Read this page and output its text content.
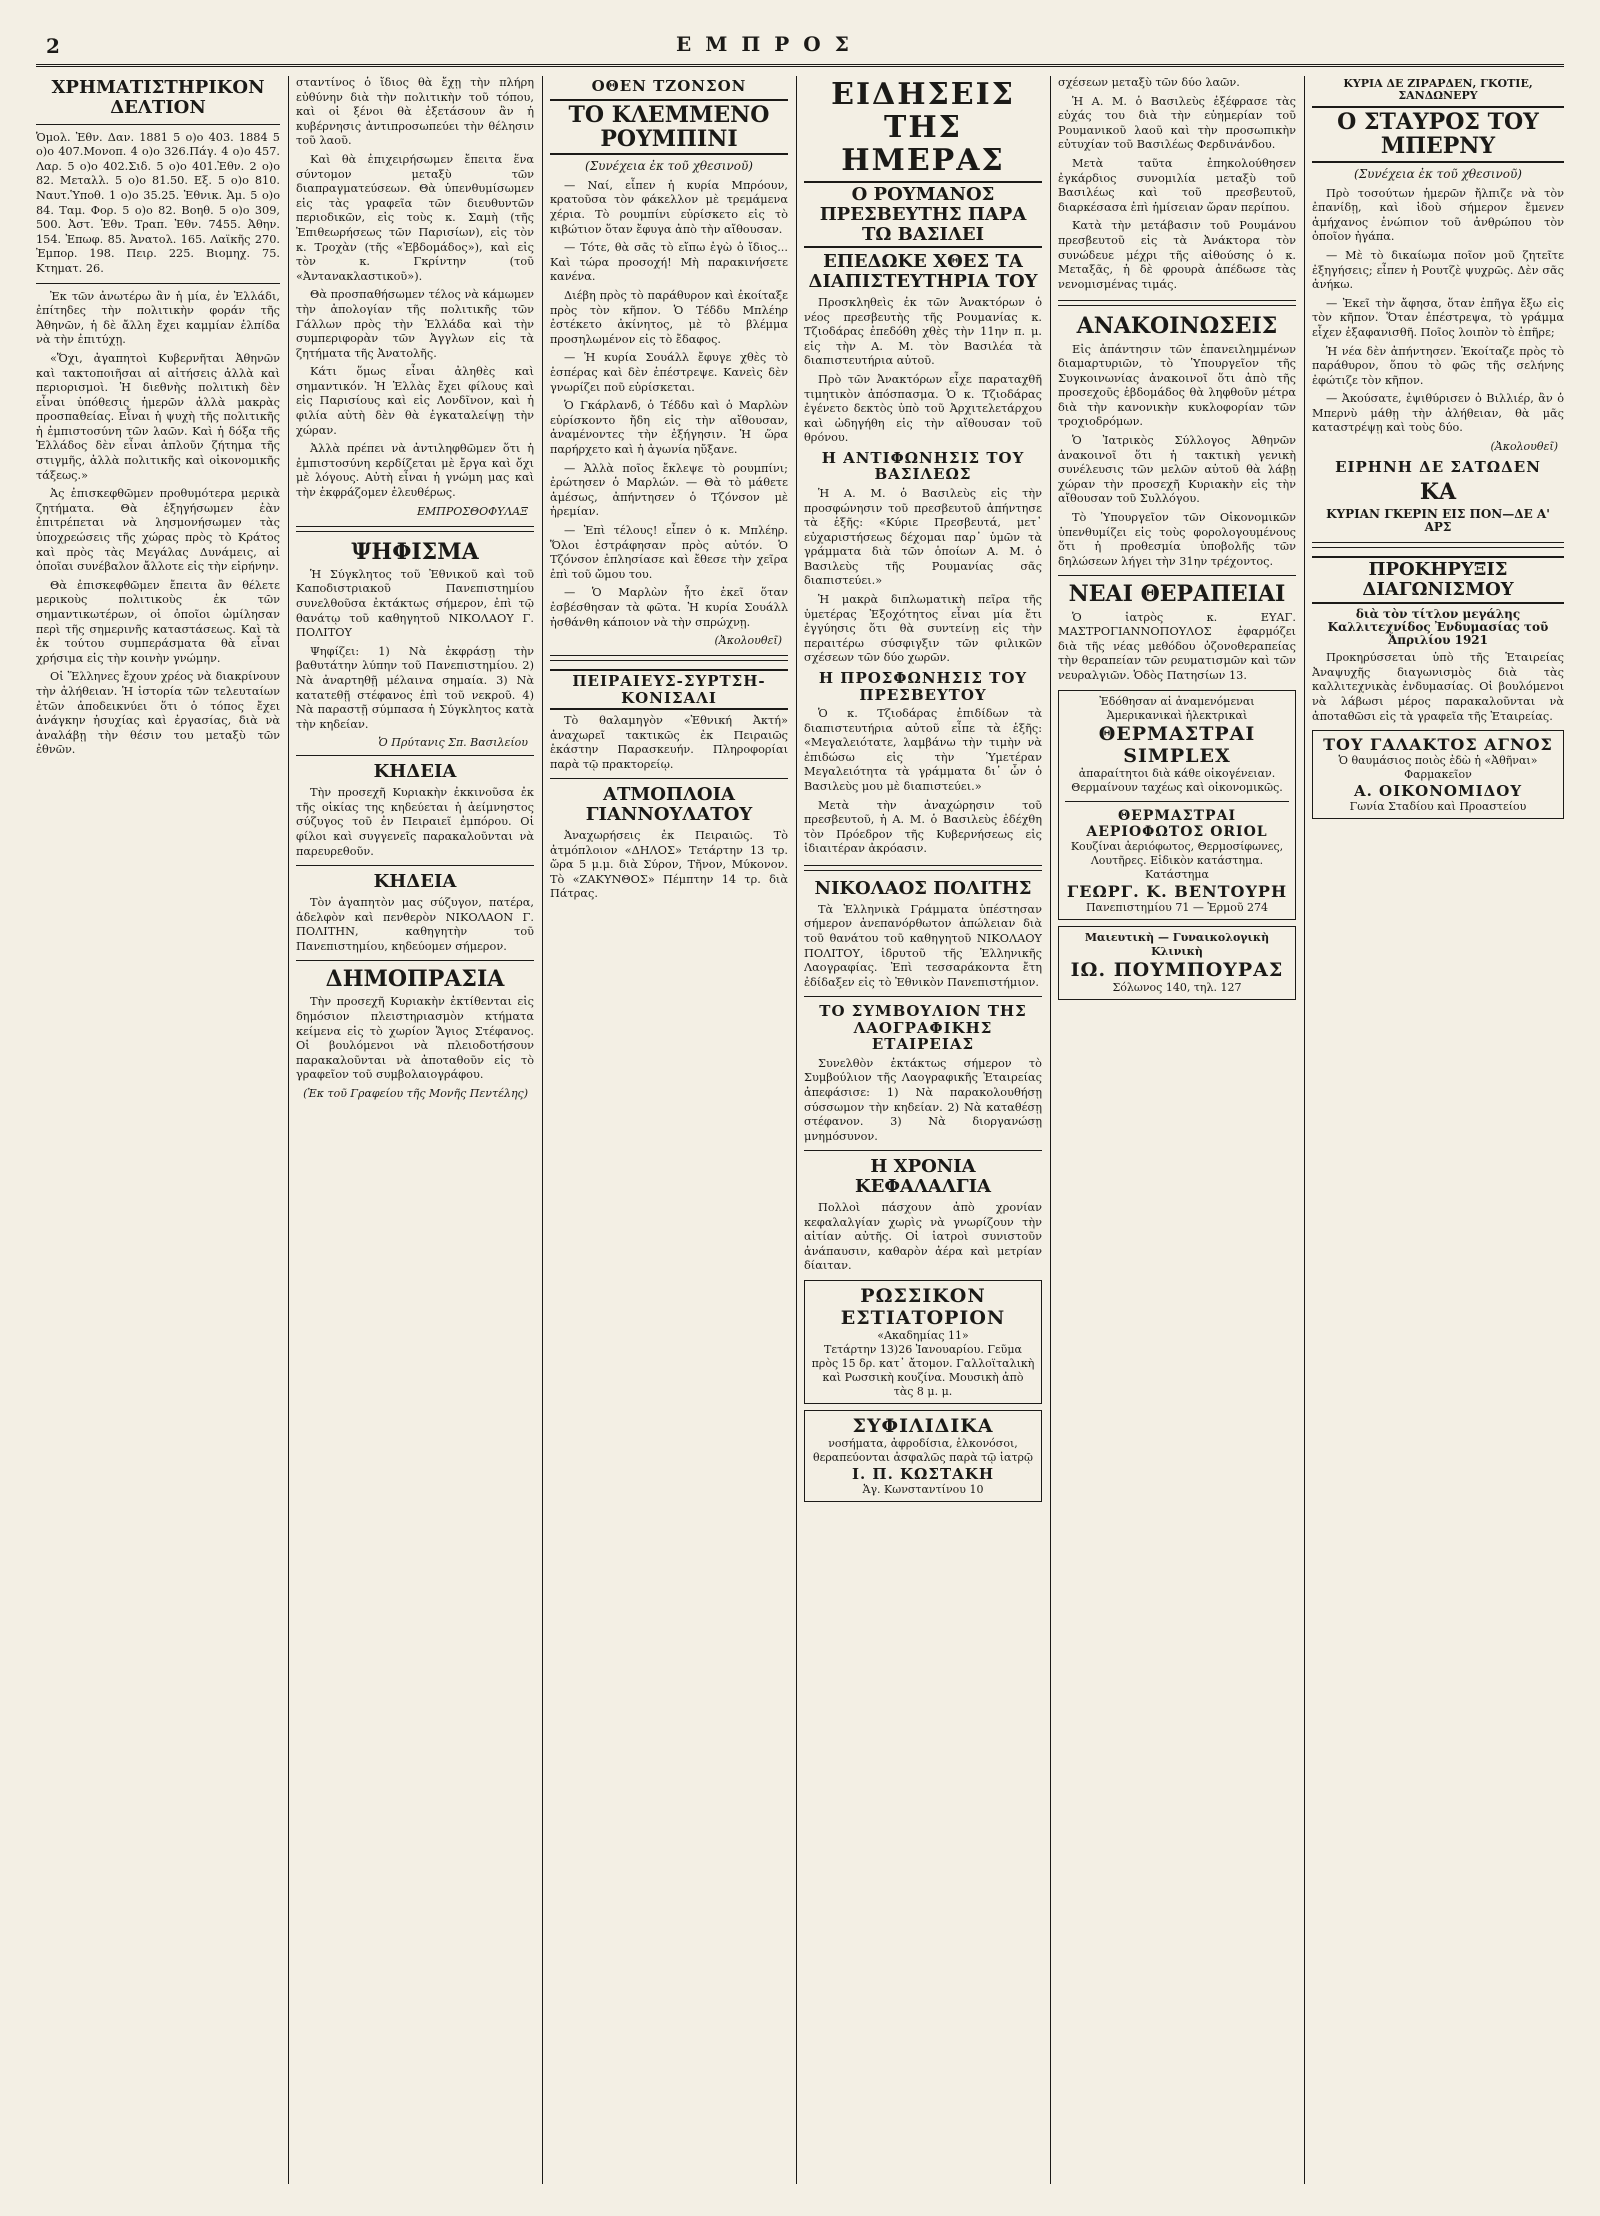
2	ΕΜΠΡΟΣ
ΧΡΗΜΑΤΙΣΤΗΡΙΚΟΝ ΔΕΛΤΙΟΝ

Ὁμολ. Ἐθν. Δαν. 1881 5 ο)ο 403. 1884 5 ο)ο 407.Μονοπ. 4 ο)ο 326.Πάγ. 4 ο)ο 457. Λαρ. 5 ο)ο 402.Σιδ. 5 ο)ο 401.Ἐθν. 2 ο)ο 82. Μεταλλ. 5 ο)ο 81.50. Εξ. 5 ο)ο 810. Ναυτ.Ὑποθ. 1 ο)ο 35.25. Ἐθνικ. Ἀμ. 5 ο)ο 84. Ταμ. Φορ. 5 ο)ο 82. Βοηθ. 5 ο)ο 309, 500. Ἀστ. Ἐθν. Τραπ. Ἐθν. 7455. Ἀθην. 154. Ἐπωφ. 85. Ἀνατολ. 165. Λαϊκῆς 270. Ἐμπορ. 198. Πειρ. 225. Βιομηχ. 75. Κτηματ. 26.

Ἐκ τῶν ἀνωτέρω ἂν ἡ μία, ἐν Ἑλλάδι, ἐπίτηδες τὴν πολιτικὴν φοράν τῆς Ἀθηνῶν, ἡ δὲ ἄλλη ἔχει καμμίαν ἐλπίδα νὰ τὴν ἐπιτύχῃ.

«Ὅχι, ἀγαπητοὶ Κυβερνῆται Ἀθηνῶν καὶ τακτοποιῆσαι αἱ αἰτήσεις ἀλλὰ καὶ περιορισμοὶ. Ἡ διεθνὴς πολιτικὴ δὲν εἶναι ὑπόθεσις ἡμερῶν ἀλλὰ μακρὰς προσπαθείας. Εἶναι ἡ ψυχὴ τῆς πολιτικῆς ἡ ἐμπιστοσύνη τῶν λαῶν. Καὶ ἡ δόξα τῆς Ἑλλάδος δὲν εἶναι ἁπλοῦν ζήτημα τῆς στιγμῆς, ἀλλὰ πολιτικῆς καὶ οἰκονομικῆς τάξεως.»

Ἀς ἐπισκεφθῶμεν προθυμότερα μερικὰ ζητήματα. Θὰ ἐξηγήσωμεν ἐὰν ἐπιτρέπεται νὰ λησμονήσωμεν τὰς ὑποχρεώσεις τῆς χώρας πρὸς τὸ Κράτος καὶ πρὸς τὰς Μεγάλας Δυνάμεις, αἱ ὁποῖαι συνέβαλον ἄλλοτε εἰς τὴν εἰρήνην.

Θὰ ἐπισκεφθῶμεν ἔπειτα ἂν θέλετε μερικοὺς πολιτικοὺς ἐκ τῶν σημαντικωτέρων, οἱ ὁποῖοι ὡμίλησαν περὶ τῆς σημερινῆς καταστάσεως. Καὶ τὰ ἐκ τούτου συμπεράσματα θὰ εἶναι χρήσιμα εἰς τὴν κοινὴν γνώμην.

Οἱ Ἕλληνες ἔχουν χρέος νὰ διακρίνουν τὴν ἀλήθειαν. Ἡ ἱστορία τῶν τελευταίων ἐτῶν ἀποδεικνύει ὅτι ὁ τόπος ἔχει ἀνάγκην ἡσυχίας καὶ ἐργασίας, διὰ νὰ ἀναλάβῃ τὴν θέσιν του μεταξὺ τῶν ἐθνῶν.

σταντίνος ὁ ἴδιος θὰ ἔχῃ τὴν πλήρη εὐθύνην διὰ τὴν πολιτικὴν τοῦ τόπου, καὶ οἱ ξένοι θὰ ἐξετάσουν ἂν ἡ κυβέρνησις ἀντιπροσωπεύει τὴν θέλησιν τοῦ λαοῦ.

Καὶ θὰ ἐπιχειρήσωμεν ἔπειτα ἕνα σύντομον μεταξὺ τῶν διαπραγματεύσεων. Θὰ ὑπενθυμίσωμεν εἰς τὰς γραφεῖα τῶν διευθυντῶν περιοδικῶν, εἰς τοὺς κ. Σαμὴ (τῆς Ἐπιθεωρήσεως τῶν Παρισίων), εἰς τὸν κ. Τροχὰν (τῆς «Ἐβδομάδος»), καὶ εἰς τὸν κ. Γκρίντην (τοῦ «Ἀντανακλαστικοῦ»).

Θὰ προσπαθήσωμεν τέλος νὰ κάμωμεν τὴν ἀπολογίαν τῆς πολιτικῆς τῶν Γάλλων πρὸς τὴν Ἑλλάδα καὶ τὴν συμπεριφορὰν τῶν Ἀγγλων εἰς τὰ ζητήματα τῆς Ἀνατολῆς.

Κάτι ὅμως εἶναι ἀληθὲς καὶ σημαντικόν. Ἡ Ἑλλὰς ἔχει φίλους καὶ εἰς Παρισίους καὶ εἰς Λονδῖνον, καὶ ἡ φιλία αὐτὴ δὲν θὰ ἐγκαταλείψῃ τὴν χώραν.

Ἀλλὰ πρέπει νὰ ἀντιληφθῶμεν ὅτι ἡ ἐμπιστοσύνη κερδίζεται μὲ ἔργα καὶ ὄχι μὲ λόγους. Αὐτὴ εἶναι ἡ γνώμη μας καὶ τὴν ἐκφράζομεν ἐλευθέρως.

ΕΜΠΡΟΣΘΟΦΥΛΑΞ
ΨΗΦΙΣΜΑ

Ἡ Σύγκλητος τοῦ Ἐθνικοῦ καὶ τοῦ Καποδιστριακοῦ Πανεπιστημίου συνελθοῦσα ἐκτάκτως σήμερον, ἐπὶ τῷ θανάτῳ τοῦ καθηγητοῦ ΝΙΚΟΛΑΟΥ Γ. ΠΟΛΙΤΟΥ

Ψηφίζει: 1) Νὰ ἐκφράσῃ τὴν βαθυτάτην λύπην τοῦ Πανεπιστημίου. 2) Νὰ ἀναρτηθῇ μέλαινα σημαία. 3) Νὰ κατατεθῇ στέφανος ἐπὶ τοῦ νεκροῦ. 4) Νὰ παραστῇ σύμπασα ἡ Σύγκλητος κατὰ τὴν κηδείαν.

Ὁ Πρύτανις Σπ. Βασιλείου
ΚΗΔΕΙΑ

Τὴν προσεχῆ Κυριακὴν ἐκκινοῦσα ἐκ τῆς οἰκίας της κηδεύεται ἡ ἀείμνηστος σύζυγος τοῦ ἐν Πειραιεῖ ἐμπόρου. Οἱ φίλοι καὶ συγγενεῖς παρακαλοῦνται νὰ παρευρεθοῦν.

ΚΗΔΕΙΑ

Τὸν ἀγαπητὸν μας σύζυγον, πατέρα, ἀδελφὸν καὶ πενθερὸν ΝΙΚΟΛΑΟΝ Γ. ΠΟΛΙΤΗΝ, καθηγητὴν τοῦ Πανεπιστημίου, κηδεύομεν σήμερον.

ΔΗΜΟΠΡΑΣΙΑ

Τὴν προσεχῆ Κυριακὴν ἐκτίθενται εἰς δημόσιον πλειστηριασμὸν κτήματα κείμενα εἰς τὸ χωρίον Ἅγιος Στέφανος. Οἱ βουλόμενοι νὰ πλειοδοτήσουν παρακαλοῦνται νὰ ἀποταθοῦν εἰς τὸ γραφεῖον τοῦ συμβολαιογράφου.

(Ἐκ τοῦ Γραφείου τῆς Μονῆς Πεντέλης)
ΟΘΕΝ ΤΖΟΝΣΟΝ
ΤΟ ΚΛΕΜΜΕΝΟ ΡΟΥΜΠΙΝΙ
(Συνέχεια ἐκ τοῦ χθεσινοῦ)

— Ναί, εἶπεν ἡ κυρία Μπρόουν, κρατοῦσα τὸν φάκελλον μὲ τρεμάμενα χέρια. Τὸ ρουμπίνι εὑρίσκετο εἰς τὸ κιβώτιον ὅταν ἔφυγα ἀπὸ τὴν αἴθουσαν.

— Τότε, θὰ σᾶς τὸ εἴπω ἐγὼ ὁ ἴδιος... Καὶ τώρα προσοχή! Μὴ παρακινήσετε κανένα.

Διέβη πρὸς τὸ παράθυρον καὶ ἐκοίταξε πρὸς τὸν κῆπον. Ὁ Τέδδυ Μπλέηρ ἐστέκετο ἀκίνητος, μὲ τὸ βλέμμα προσηλωμένον εἰς τὸ ἔδαφος.

— Ἡ κυρία Σουάλλ ἔφυγε χθὲς τὸ ἑσπέρας καὶ δὲν ἐπέστρεψε. Κανεὶς δὲν γνωρίζει ποῦ εὑρίσκεται.

Ὁ Γκάρλανδ, ὁ Τέδδυ καὶ ὁ Μαρλὼν εὑρίσκοντο ἤδη εἰς τὴν αἴθουσαν, ἀναμένοντες τὴν ἐξήγησιν. Ἡ ὥρα παρήρχετο καὶ ἡ ἀγωνία ηὔξανε.

— Ἀλλὰ ποῖος ἔκλεψε τὸ ρουμπίνι; ἐρώτησεν ὁ Μαρλών. — Θὰ τὸ μάθετε ἀμέσως, ἀπήντησεν ὁ Τζόνσον μὲ ἠρεμίαν.

— Ἐπὶ τέλους! εἶπεν ὁ κ. Μπλέηρ. Ὅλοι ἐστράφησαν πρὸς αὐτόν. Ὁ Τζόνσον ἐπλησίασε καὶ ἔθεσε τὴν χεῖρα ἐπὶ τοῦ ὤμου του.

— Ὁ Μαρλὼν ἦτο ἐκεῖ ὅταν ἐσβέσθησαν τὰ φῶτα. Ἡ κυρία Σουάλλ ἠσθάνθη κάποιον νὰ τὴν σπρώχνῃ.

(Ἀκολουθεῖ)
ΠΕΙΡΑΙΕΥΣ-ΣΥΡΤΣΗ-ΚΟΝΙΣΑΛΙ

Τὸ θαλαμηγὸν «Ἑθνική Ἀκτή» ἀναχωρεῖ τακτικῶς ἐκ Πειραιῶς ἑκάστην Παρασκευήν. Πληροφορίαι παρὰ τῷ πρακτορείῳ.

ΑΤΜΟΠΛΟΙΑ ΓΙΑΝΝΟΥΛΑΤΟΥ

Ἀναχωρήσεις ἐκ Πειραιῶς. Τὸ ἀτμόπλοιον «ΔΗΛΟΣ» Τετάρτην 13 τρ. ὥρα 5 μ.μ. διὰ Σύρον, Τῆνον, Μύκονον. Τὸ «ΖΑΚΥΝΘΟΣ» Πέμπτην 14 τρ. διὰ Πάτρας.

ΕΙΔΗΣΕΙΣ ΤΗΣ ΗΜΕΡΑΣ
Ο ΡΟΥΜΑΝΟΣ ΠΡΕΣΒΕΥΤΗΣ ΠΑΡΑ ΤΩ ΒΑΣΙΛΕΙ
ΕΠΕΔΩΚΕ ΧΘΕΣ ΤΑ ΔΙΑΠΙΣΤΕΥΤΗΡΙΑ ΤΟΥ

Προσκληθεὶς ἐκ τῶν Ἀνακτόρων ὁ νέος πρεσβευτὴς τῆς Ρουμανίας κ. Τζιοδάρας ἐπεδόθη χθὲς τὴν 11ην π. μ. εἰς τὴν Α. Μ. τὸν Βασιλέα τὰ διαπιστευτήρια αὐτοῦ.

Πρὸ τῶν Ἀνακτόρων εἶχε παραταχθῆ τιμητικὸν ἀπόσπασμα. Ὁ κ. Τζιοδάρας ἐγένετο δεκτὸς ὑπὸ τοῦ Ἀρχιτελετάρχου καὶ ὡδηγήθη εἰς τὴν αἴθουσαν τοῦ θρόνου.

Η ΑΝΤΙΦΩΝΗΣΙΣ ΤΟΥ ΒΑΣΙΛΕΩΣ

Ἡ Α. Μ. ὁ Βασιλεὺς εἰς τὴν προσφώνησιν τοῦ πρεσβευτοῦ ἀπήντησε τὰ ἑξῆς: «Κύριε Πρεσβευτά, μετ᾽ εὐχαριστήσεως δέχομαι παρ᾽ ὑμῶν τὰ γράμματα διὰ τῶν ὁποίων Α. Μ. ὁ Βασιλεὺς τῆς Ρουμανίας σᾶς διαπιστεύει.»

Ἡ μακρὰ διπλωματικὴ πεῖρα τῆς ὑμετέρας Ἐξοχότητος εἶναι μία ἔτι ἐγγύησις ὅτι θὰ συντείνῃ εἰς τὴν περαιτέρω σύσφιγξιν τῶν φιλικῶν σχέσεων τῶν δύο χωρῶν.

Η ΠΡΟΣΦΩΝΗΣΙΣ ΤΟΥ ΠΡΕΣΒΕΥΤΟΥ

Ὁ κ. Τζιοδάρας ἐπιδίδων τὰ διαπιστευτήρια αὐτοῦ εἶπε τὰ ἑξῆς: «Μεγαλειότατε, λαμβάνω τὴν τιμὴν νὰ ἐπιδώσω εἰς τὴν Ὑμετέραν Μεγαλειότητα τὰ γράμματα δι᾽ ὧν ὁ Βασιλεὺς μου μὲ διαπιστεύει.»

Μετὰ τὴν ἀναχώρησιν τοῦ πρεσβευτοῦ, ἡ Α. Μ. ὁ Βασιλεὺς ἐδέχθη τὸν Πρόεδρον τῆς Κυβερνήσεως εἰς ἰδιαιτέραν ἀκρόασιν.

ΝΙΚΟΛΑΟΣ ΠΟΛΙΤΗΣ

Τὰ Ἑλληνικὰ Γράμματα ὑπέστησαν σήμερον ἀνεπανόρθωτον ἀπώλειαν διὰ τοῦ θανάτου τοῦ καθηγητοῦ ΝΙΚΟΛΑΟΥ ΠΟΛΙΤΟΥ, ἱδρυτοῦ τῆς Ἑλληνικῆς Λαογραφίας. Ἐπὶ τεσσαράκοντα ἔτη ἐδίδαξεν εἰς τὸ Ἐθνικὸν Πανεπιστήμιον.

ΤΟ ΣΥΜΒΟΥΛΙΟΝ ΤΗΣ ΛΑΟΓΡΑΦΙΚΗΣ ΕΤΑΙΡΕΙΑΣ

Συνελθὸν ἐκτάκτως σήμερον τὸ Συμβούλιον τῆς Λαογραφικῆς Ἑταιρείας ἀπεφάσισε: 1) Νὰ παρακολουθήσῃ σύσσωμον τὴν κηδείαν. 2) Νὰ καταθέσῃ στέφανον. 3) Νὰ διοργανώσῃ μνημόσυνον.

Η ΧΡΟΝΙΑ ΚΕΦΑΛΑΛΓΙΑ

Πολλοὶ πάσχουν ἀπὸ χρονίαν κεφαλαλγίαν χωρὶς νὰ γνωρίζουν τὴν αἰτίαν αὐτῆς. Οἱ ἰατροὶ συνιστοῦν ἀνάπαυσιν, καθαρὸν ἀέρα καὶ μετρίαν δίαιταν.

ΡΩΣΣΙΚΟΝ ΕΣΤΙΑΤΟΡΙΟΝ
«Ακαδημίας 11»
Τετάρτην 13)26 Ἰανουαρίου. Γεῦμα πρὸς 15 δρ. κατ᾽ ἄτομον. Γαλλοϊταλικὴ καὶ Ρωσσικὴ κουζίνα. Μουσικὴ ἀπὸ τὰς 8 μ. μ.
ΣΥΦΙΛΙΔΙΚΑ
νοσήματα, ἀφροδίσια, ἑλκονόσοι, θεραπεύονται ἀσφαλῶς παρὰ τῷ ἰατρῷ
Ι. Π. ΚΩΣΤΑΚΗ
Ἁγ. Κωνσταντίνου 10

σχέσεων μεταξὺ τῶν δύο λαῶν.

Ἡ Α. Μ. ὁ Βασιλεὺς ἐξέφρασε τὰς εὐχάς του διὰ τὴν εὐημερίαν τοῦ Ρουμανικοῦ λαοῦ καὶ τὴν προσωπικὴν εὐτυχίαν τοῦ Βασιλέως Φερδινάνδου.

Μετὰ ταῦτα ἐπηκολούθησεν ἐγκάρδιος συνομιλία μεταξὺ τοῦ Βασιλέως καὶ τοῦ πρεσβευτοῦ, διαρκέσασα ἐπὶ ἡμίσειαν ὥραν περίπου.

Κατὰ τὴν μετάβασιν τοῦ Ρουμάνου πρεσβευτοῦ εἰς τὰ Ἀνάκτορα τὸν συνώδευε μέχρι τῆς αἰθούσης ὁ κ. Μεταξᾶς, ἡ δὲ φρουρὰ ἀπέδωσε τὰς νενομισμένας τιμάς.

ΑΝΑΚΟΙΝΩΣΕΙΣ

Εἰς ἀπάντησιν τῶν ἐπανειλημμένων διαμαρτυριῶν, τὸ Ὑπουργεῖον τῆς Συγκοινωνίας ἀνακοινοῖ ὅτι ἀπὸ τῆς προσεχοῦς ἑβδομάδος θὰ ληφθοῦν μέτρα διὰ τὴν κανονικὴν κυκλοφορίαν τῶν τροχιοδρόμων.

Ὁ Ἰατρικὸς Σύλλογος Ἀθηνῶν ἀνακοινοῖ ὅτι ἡ τακτικὴ γενικὴ συνέλευσις τῶν μελῶν αὐτοῦ θὰ λάβῃ χώραν τὴν προσεχῆ Κυριακὴν εἰς τὴν αἴθουσαν τοῦ Συλλόγου.

Τὸ Ὑπουργεῖον τῶν Οἰκονομικῶν ὑπενθυμίζει εἰς τοὺς φορολογουμένους ὅτι ἡ προθεσμία ὑποβολῆς τῶν δηλώσεων λήγει τὴν 31ην τρέχοντος.

ΝΕΑΙ ΘΕΡΑΠΕΙΑΙ

Ὁ ἰατρὸς κ. ΕΥΑΓ. ΜΑΣΤΡΟΓΙΑΝΝΟΠΟΥΛΟΣ ἐφαρμόζει διὰ τῆς νέας μεθόδου ὀζονοθεραπείας τὴν θεραπείαν τῶν ρευματισμῶν καὶ τῶν νευραλγιῶν. Ὁδὸς Πατησίων 13.

Ἐδόθησαν αἱ ἀναμενόμεναι Ἀμερικανικαὶ ἠλεκτρικαὶ
ΘΕΡΜΑΣΤΡΑΙ SIMPLEX
ἀπαραίτητοι διὰ κάθε οἰκογένειαν. Θερμαίνουν ταχέως καὶ οἰκονομικῶς.
ΘΕΡΜΑΣΤΡΑΙ ΑΕΡΙΟΦΩΤΟΣ ORIOL
Κουζίναι ἀεριόφωτος, Θερμοσίφωνες, Λουτῆρες. Εἰδικὸν κατάστημα.
Κατάστημα
ΓΕΩΡΓ. Κ. ΒΕΝΤΟΥΡΗ
Πανεπιστημίου 71 — Ἑρμοῦ 274
Μαιευτικὴ — Γυναικολογικὴ Κλινικὴ
ΙΩ. ΠΟΥΜΠΟΥΡΑΣ
Σόλωνος 140, τηλ. 127
ΚΥΡΙΑ ΔΕ ΖΙΡΑΡΔΕΝ, ΓΚΟΤΙΕ, ΣΑΝΔΩΝΕΡΥ
Ο ΣΤΑΥΡΟΣ ΤΟΥ ΜΠΕΡΝΥ
(Συνέχεια ἐκ τοῦ χθεσινοῦ)

Πρὸ τοσούτων ἡμερῶν ἤλπιζε νὰ τὸν ἐπανίδῃ, καὶ ἰδοὺ σήμερον ἔμενεν ἀμήχανος ἐνώπιον τοῦ ἀνθρώπου τὸν ὁποῖον ἠγάπα.

— Μὲ τὸ δικαίωμα ποῖον μοῦ ζητεῖτε ἐξηγήσεις; εἶπεν ἡ Ρουτζὲ ψυχρῶς. Δὲν σᾶς ἀνήκω.

— Ἐκεῖ τὴν ἄφησα, ὅταν ἐπῆγα ἔξω εἰς τὸν κῆπον. Ὅταν ἐπέστρεψα, τὸ γράμμα εἶχεν ἐξαφανισθῆ. Ποῖος λοιπὸν τὸ ἐπῆρε;

Ἡ νέα δὲν ἀπήντησεν. Ἐκοίταζε πρὸς τὸ παράθυρον, ὅπου τὸ φῶς τῆς σελήνης ἐφώτιζε τὸν κῆπον.

— Ἀκούσατε, ἐψιθύρισεν ὁ Βιλλιέρ, ἂν ὁ Μπερνὺ μάθῃ τὴν ἀλήθειαν, θὰ μᾶς καταστρέψῃ καὶ τοὺς δύο.

(Ἀκολουθεῖ)
ΕΙΡΗΝΗ ΔΕ ΣΑΤΩΔΕΝ
ΚΑ
ΚΥΡΙΑΝ ΓΚΕΡΙΝ ΕΙΣ ΠΟΝ—ΔΕ Α' ΑΡΣ
ΠΡΟΚΗΡΥΞΙΣ ΔΙΑΓΩΝΙΣΜΟΥ
διὰ τὸν τίτλον μεγάλης Καλλιτεχνίδος Ἐνδυμασίας τοῦ Ἀπριλίου 1921

Προκηρύσσεται ὑπὸ τῆς Ἑταιρείας Ἀναψυχῆς διαγωνισμὸς διὰ τὰς καλλιτεχνικὰς ἐνδυμασίας. Οἱ βουλόμενοι νὰ λάβωσι μέρος παρακαλοῦνται νὰ ἀποταθῶσι εἰς τὰ γραφεῖα τῆς Ἑταιρείας.

ΤΟΥ ΓΑΛΑΚΤΟΣ ΑΓΝΟΣ
Ὁ θαυμάσιος ποιὸς ἐδὼ ἡ «Ἀθῆναι» Φαρμακεῖον
Α. ΟΙΚΟΝΟΜΙΔΟΥ
Γωνία Σταδίου καὶ Προαστείου
